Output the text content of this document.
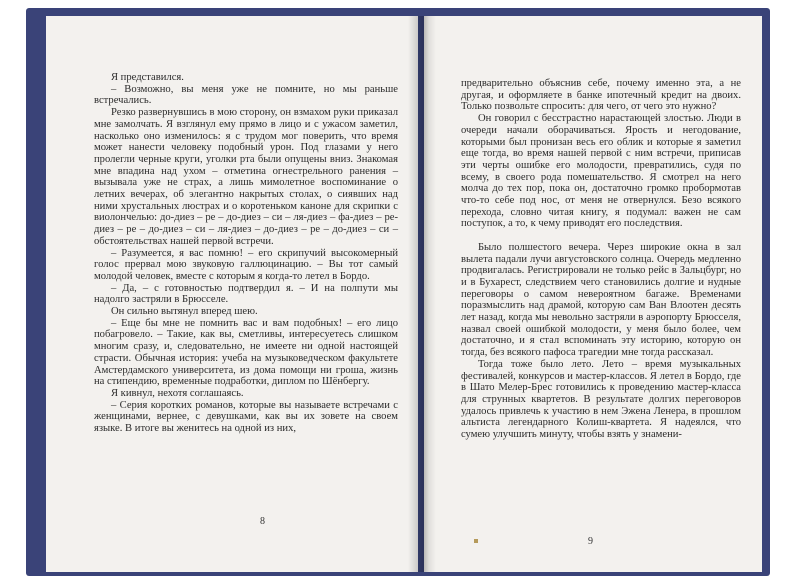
Я представился.

– Возможно, вы меня уже не помните, но мы раньше встречались.

Резко развернувшись в мою сторону, он взмахом руки приказал мне замолчать. Я взглянул ему прямо в лицо и с ужасом заметил, насколько оно изменилось: я с трудом мог поверить, что время может нанести человеку подобный урон. Под глазами у него пролегли черные круги, уголки рта были опущены вниз. Знакомая мне впадина над ухом – отметина огнестрельного ранения – вызывала уже не страх, а лишь мимолетное воспоминание о летних вечерах, об элегантно накрытых столах, о сиявших над ними хрустальных люстрах и о коротеньком каноне для скрипки с виолончелью: до-диез – ре – до-диез – си – ля-диез – фа-диез – ре-диез – ре – до-диез – си – ля-диез – до-диез – ре – до-диез – си – обстоятельствах нашей первой встречи.

– Разумеется, я вас помню! – его скрипучий высокомерный голос прервал мою звуковую галлюцинацию. – Вы тот самый молодой человек, вместе с которым я когда-то летел в Бордо.

– Да, – с готовностью подтвердил я. – И на полпути мы надолго застряли в Брюсселе.

Он сильно вытянул вперед шею.

– Еще бы мне не помнить вас и вам подобных! – его лицо побагровело. – Такие, как вы, сметливы, интересуетесь слишком многим сразу, и, следовательно, не имеете ни одной настоящей страсти. Обычная история: учеба на музыковедческом факультете Амстердамского университета, из дома помощи ни гроша, жизнь на стипендию, временные подработки, диплом по Шёнбергу.

Я кивнул, нехотя соглашаясь.

– Серия коротких романов, которые вы называете встречами с женщинами, вернее, с девушками, как вы их зовете на своем языке. В итоге вы женитесь на одной из них,

8

предварительно объяснив себе, почему именно эта, а не другая, и оформляете в банке ипотечный кредит на двоих. Только позвольте спросить: для чего, от чего это нужно?

Он говорил с бесстрастно нарастающей злостью. Люди в очереди начали оборачиваться. Ярость и негодование, которыми был пронизан весь его облик и которые я заметил еще тогда, во время нашей первой с ним встречи, приписав эти черты ошибке его молодости, превратились, судя по всему, в своего рода помешательство. Я смотрел на него молча до тех пор, пока он, достаточно громко пробормотав что-то себе под нос, от меня не отвернулся. Безо всякого перехода, словно читая книгу, я подумал: важен не сам поступок, а то, к чему приводят его последствия.

Было полшестого вечера. Через широкие окна в зал вылета падали лучи августовского солнца. Очередь медленно продвигалась. Регистрировали не только рейс в Зальцбург, но и в Бухарест, следствием чего становились долгие и нудные переговоры о самом невероятном багаже. Временами поразмыслить над драмой, которую сам Ван Влоотен десять лет назад, когда мы невольно застряли в аэропорту Брюсселя, назвал своей ошибкой молодости, у меня было более, чем достаточно, и я стал вспоминать эту историю, которую он тогда, без всякого пафоса трагедии мне тогда рассказал.

Тогда тоже было лето. Лето – время музыкальных фестивалей, конкурсов и мастер-классов. Я летел в Бордо, где в Шато Мелер-Брес готовились к проведению мастер-класса для струнных квартетов. В результате долгих переговоров удалось привлечь к участию в нем Эжена Ленера, в прошлом альтиста легендарного Колиш-квартета. Я надеялся, что сумею улучшить минуту, чтобы взять у знамени-

9
